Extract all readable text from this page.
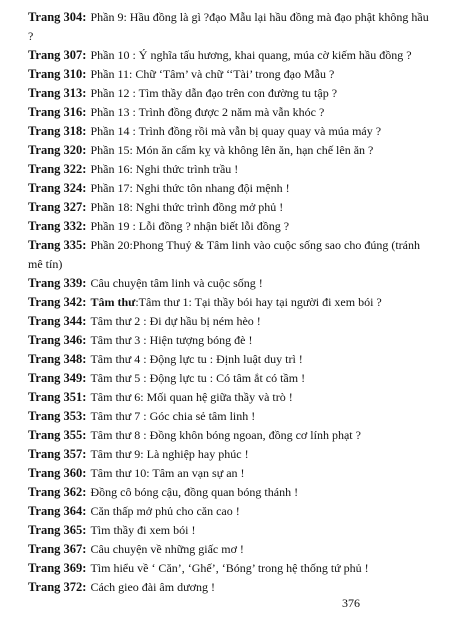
Trang 304: Phần 9: Hầu đồng là gì ?đạo Mẫu lại hầu đồng mà đạo phật không hầu ?

Trang 307: Phần 10 : Ý nghĩa tấu hương, khai quang, múa cờ kiếm hầu đồng ?

Trang 310: Phần 11: Chữ ‘Tâm’ và chữ ‘‘Tài’ trong đạo Mẫu ?

Trang 313: Phần 12 : Tìm thầy dẫn đạo trên con đường tu tập ?

Trang 316: Phần 13 : Trình đồng được 2 năm mà vẫn khóc ?

Trang 318: Phần 14 : Trình đồng rồi mà vẫn bị quay quay và múa máy ?

Trang 320: Phần 15: Món ăn cấm kỵ và không lên ăn, hạn chế lên ăn ?

Trang 322: Phần 16: Nghi thức trình trầu !

Trang 324: Phần 17: Nghi thức tôn nhang đội mệnh !

Trang 327: Phần 18: Nghi thức trình đồng mở phủ !

Trang 332: Phần 19 : Lỗi đồng ? nhận biết lỗi đồng ?

Trang 335: Phần 20:Phong Thuỷ & Tâm linh vào cuộc sống sao cho đúng (tránh mê tín)

Trang 339: Câu chuyện tâm linh và cuộc sống !

Trang 342: Tâm thư:Tâm thư 1: Tại thầy bói hay tại người đi xem bói ?

Trang 344: Tâm thư 2 : Đi dự hầu bị ném hèo !

Trang 346: Tâm thư 3 : Hiện tượng bóng đè !

Trang 348: Tâm thư 4 : Động lực tu : Định luật duy trì !

Trang 349: Tâm thư 5 : Động lực tu : Có tâm ắt có tầm !

Trang 351: Tâm thư 6: Mối quan hệ giữa thầy và trò !

Trang 353: Tâm thư 7 : Góc chia sẻ tâm linh !

Trang 355: Tâm thư 8 : Đồng khôn bóng ngoan, đồng cơ lính phạt ?

Trang 357: Tâm thư 9: Là nghiệp hay phúc !

Trang 360: Tâm thư 10: Tâm an vạn sự an !

Trang 362: Đồng cô bóng cậu, đồng quan bóng thánh !

Trang 364: Căn thấp mở phủ cho căn cao !

Trang 365: Tìm thầy đi xem bói !

Trang 367: Câu chuyện về những giấc mơ !

Trang 369: Tìm hiểu về ‘ Căn’, ‘Ghế’, ‘Bóng’ trong hệ thống tứ phủ !

Trang 372: Cách gieo đài âm dương !

376
